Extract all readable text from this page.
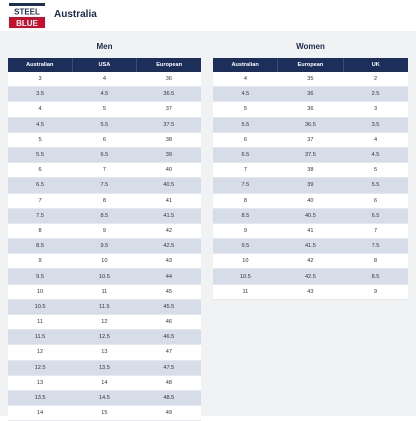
STEEL
BLUE
Australia
Men
Australian	USA	European
3	4	36
3.5	4.5	36.5
4	5	37
4.5	5.5	37.5
5	6	38
5.5	6.5	39
6	7	40
6.5	7.5	40.5
7	8	41
7.5	8.5	41.5
8	9	42
8.5	9.5	42.5
9	10	43
9.5	10.5	44
10	11	45
10.5	11.5	45.5
11	12	46
11.5	12.5	46.5
12	13	47
12.5	13.5	47.5
13	14	48
13.5	14.5	48.5
14	15	49
Women
Australian	European	UK
4	35	2
4.5	36	2.5
5	36	3
5.5	36.5	3.5
6	37	4
6.5	37.5	4.5
7	38	5
7.5	39	5.5
8	40	6
8.5	40.5	6.5
9	41	7
9.5	41.5	7.5
10	42	8
10.5	42.5	8.5
11	43	9
